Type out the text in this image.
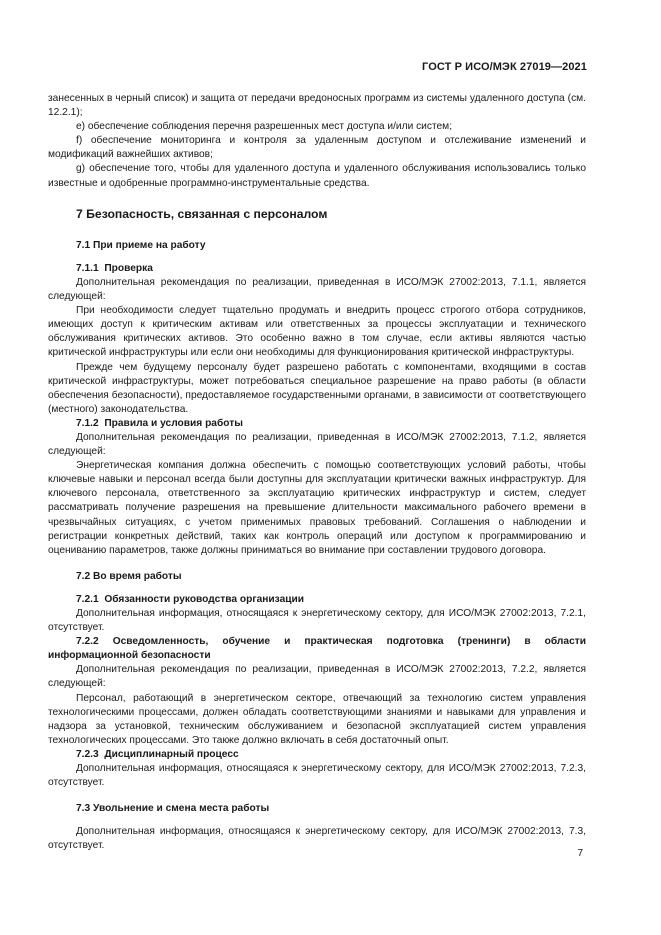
ГОСТ Р ИСО/МЭК 27019—2021

занесенных в черный список) и защита от передачи вредоносных программ из системы удаленного доступа (см. 12.2.1);

e) обеспечение соблюдения перечня разрешенных мест доступа и/или систем;

f) обеспечение мониторинга и контроля за удаленным доступом и отслеживание изменений и модификаций важнейших активов;

g) обеспечение того, чтобы для удаленного доступа и удаленного обслуживания использовались только известные и одобренные программно-инструментальные средства.

7 Безопасность, связанная с персоналом
7.1 При приеме на работу

7.1.1 Проверка

Дополнительная рекомендация по реализации, приведенная в ИСО/МЭК 27002:2013, 7.1.1, является следующей:

При необходимости следует тщательно продумать и внедрить процесс строгого отбора сотрудников, имеющих доступ к критическим активам или ответственных за процессы эксплуатации и технического обслуживания критических активов. Это особенно важно в том случае, если активы являются частью критической инфраструктуры или если они необходимы для функционирования критической инфраструктуры.

Прежде чем будущему персоналу будет разрешено работать с компонентами, входящими в состав критической инфраструктуры, может потребоваться специальное разрешение на право работы (в области обеспечения безопасности), предоставляемое государственными органами, в зависимости от соответствующего (местного) законодательства.

7.1.2 Правила и условия работы

Дополнительная рекомендация по реализации, приведенная в ИСО/МЭК 27002:2013, 7.1.2, является следующей:

Энергетическая компания должна обеспечить с помощью соответствующих условий работы, чтобы ключевые навыки и персонал всегда были доступны для эксплуатации критически важных инфраструктур. Для ключевого персонала, ответственного за эксплуатацию критических инфраструктур и систем, следует рассматривать получение разрешения на превышение длительности максимального рабочего времени в чрезвычайных ситуациях, с учетом применимых правовых требований. Соглашения о наблюдении и регистрации конкретных действий, таких как контроль операций или доступом к программированию и оцениванию параметров, также должны приниматься во внимание при составлении трудового договора.

7.2 Во время работы

7.2.1 Обязанности руководства организации

Дополнительная информация, относящаяся к энергетическому сектору, для ИСО/МЭК 27002:2013, 7.2.1, отсутствует.

7.2.2 Осведомленность, обучение и практическая подготовка (тренинги) в области информационной безопасности

Дополнительная рекомендация по реализации, приведенная в ИСО/МЭК 27002:2013, 7.2.2, является следующей:

Персонал, работающий в энергетическом секторе, отвечающий за технологию систем управления технологическими процессами, должен обладать соответствующими знаниями и навыками для управления и надзора за установкой, техническим обслуживанием и безопасной эксплуатацией систем управления технологических процессами. Это также должно включать в себя достаточный опыт.

7.2.3 Дисциплинарный процесс

Дополнительная информация, относящаяся к энергетическому сектору, для ИСО/МЭК 27002:2013, 7.2.3, отсутствует.

7.3 Увольнение и смена места работы

Дополнительная информация, относящаяся к энергетическому сектору, для ИСО/МЭК 27002:2013, 7.3, отсутствует.

7
